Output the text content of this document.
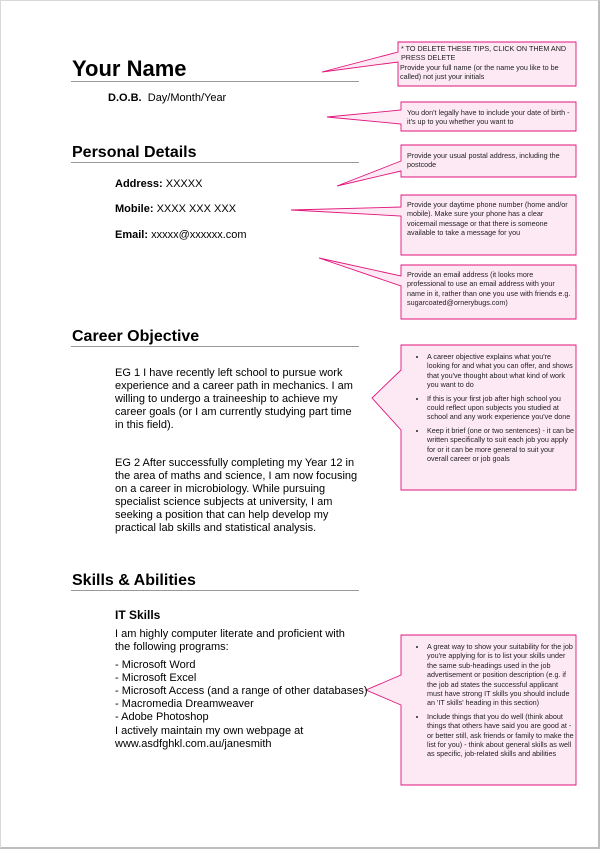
Your Name
D.O.B. Day/Month/Year
Personal Details
Address: XXXXX
Mobile: XXXX XXX XXX
Email: xxxxx@xxxxxx.com
Career Objective
EG 1 I have recently left school to pursue work experience and a career path in mechanics. I am willing to undergo a traineeship to achieve my career goals (or I am currently studying part time in this field).
EG 2 After successfully completing my Year 12 in the area of maths and science, I am now focusing on a career in microbiology. While pursuing specialist science subjects at university, I am seeking a position that can help develop my practical lab skills and statistical analysis.
Skills & Abilities
IT Skills
I am highly computer literate and proficient with the following programs:
- Microsoft Word
- Microsoft Excel
- Microsoft Access (and a range of other databases)
- Macromedia Dreamweaver
- Adobe Photoshop
I actively maintain my own webpage at
www.asdfghkl.com.au/janesmith
* TO DELETE THESE TIPS, CLICK ON THEM AND PRESS DELETE
Provide your full name (or the name you like to be called) not just your initials
You don't legally have to include your date of birth - it's up to you whether you want to
Provide your usual postal address, including the postcode
Provide your daytime phone number (home and/or mobile). Make sure your phone has a clear voicemail message or that there is someone available to take a message for you
Provide an email address (it looks more professional to use an email address with your name in it, rather than one you use with friends e.g. sugarcoated@ornerybugs.com)
• A career objective explains what you're looking for and what you can offer, and shows that you've thought about what kind of work you want to do
• If this is your first job after high school you could reflect upon subjects you studied at school and any work experience you've done
• Keep it brief (one or two sentences) - it can be written specifically to suit each job you apply for or it can be more general to suit your overall career or job goals
• A great way to show your suitability for the job you're applying for is to list your skills under the same sub-headings used in the job advertisement or position description (e.g. if the job ad states the successful applicant must have strong IT skills you should include an 'IT skills' heading in this section)
• Include things that you do well (think about things that others have said you are good at - or better still, ask friends or family to make the list for you) - think about general skills as well as specific, job-related skills and abilities
